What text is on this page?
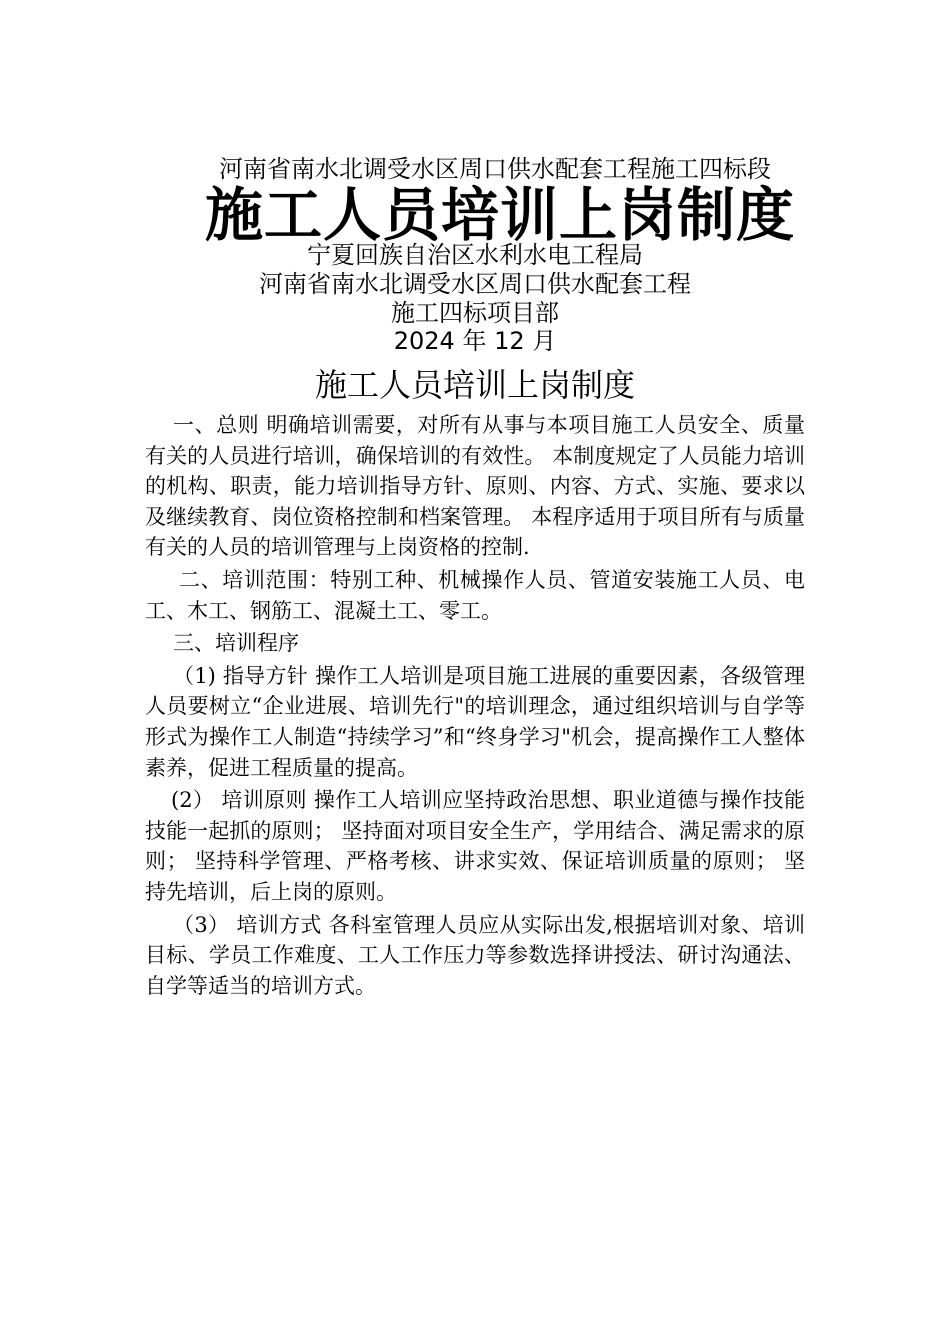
河南省南水北调受水区周口供水配套工程施工四标段
施工人员培训上岗制度
宁夏回族自治区水利水电工程局
河南省南水北调受水区周口供水配套工程
施工四标项目部
2024 年 12 月
施工人员培训上岗制度

一、总则 明确培训需要，对所有从事与本项目施工人员安全、质量有关的人员进行培训，确保培训的有效性。 本制度规定了人员能力培训的机构、职责，能力培训指导方针、原则、内容、方式、实施、要求以及继续教育、岗位资格控制和档案管理。 本程序适用于项目所有与质量有关的人员的培训管理与上岗资格的控制.

二、培训范围：特别工种、机械操作人员、管道安装施工人员、电工、木工、钢筋工、混凝土工、零工。

三、培训程序

（1) 指导方针 操作工人培训是项目施工进展的重要因素，各级管理人员要树立“企业进展、培训先行"的培训理念，通过组织培训与自学等形式为操作工人制造“持续学习”和“终身学习"机会，提高操作工人整体素养，促进工程质量的提高。

(2） 培训原则 操作工人培训应坚持政治思想、职业道德与操作技能技能一起抓的原则； 坚持面对项目安全生产，学用结合、满足需求的原则； 坚持科学管理、严格考核、讲求实效、保证培训质量的原则； 坚持先培训，后上岗的原则。

（3） 培训方式 各科室管理人员应从实际出发,根据培训对象、培训目标、学员工作难度、工人工作压力等参数选择讲授法、研讨沟通法、自学等适当的培训方式。
